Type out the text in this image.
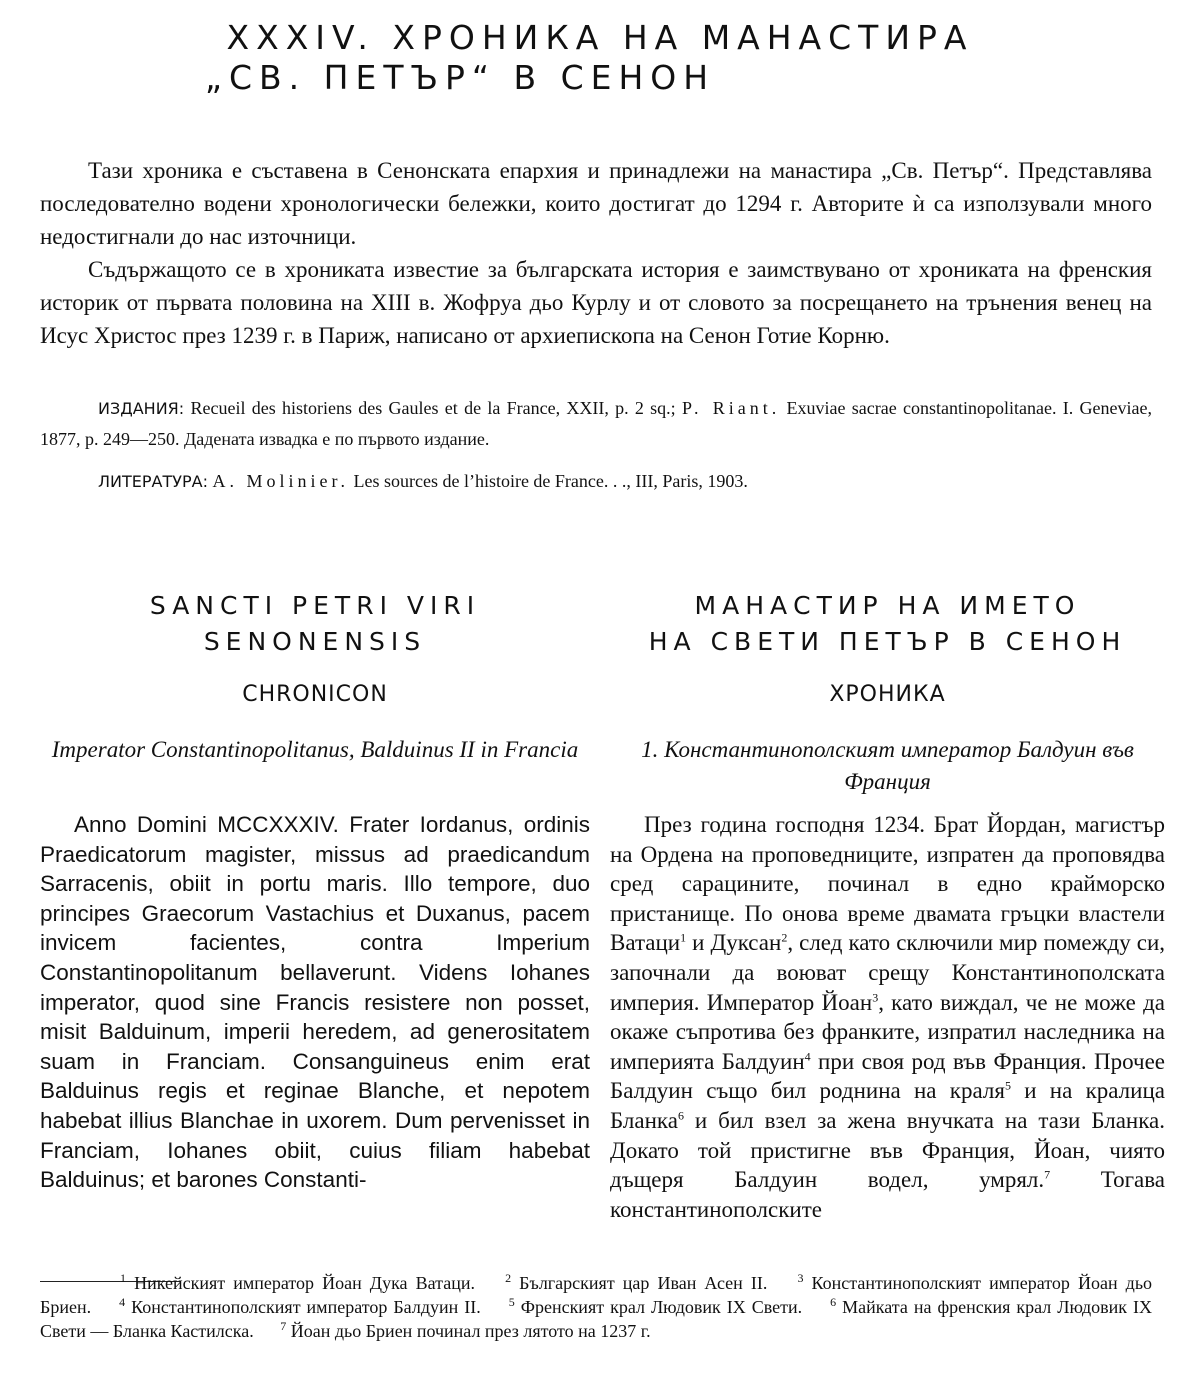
XXXIV. ХРОНИКА НА МАНАСТИРА
„СВ. ПЕТЪР“ В СЕНОН

Тази хроника е съставена в Сенонската епархия и принадлежи на манастира „Св. Петър“. Представлява последователно водени хронологически бележки, които достигат до 1294 г. Авторите ѝ са използували много недостигнали до нас източници.

Съдържащото се в хрониката известие за българската история е заимствувано от хрониката на френския историк от първата половина на XIII в. Жофруа дьо Курлу и от словото за посрещането на трънения венец на Исус Христос през 1239 г. в Париж, написано от архиепископа на Сенон Готие Корню.

ИЗДАНИЯ: Recueil des historiens des Gaules et de la France, XXII, p. 2 sq.; P. Riant. Exuviae sacrae constantinopolitanae. I. Geneviae, 1877, p. 249—250. Дадената извадка е по първото издание.

ЛИТЕРАТУРА: A. Molinier. Les sources de l’histoire de France. . ., III, Paris, 1903.

SANCTI PETRI VIRI
SENONENSIS
CHRONICON
Imperator Constantinopolitanus, Balduinus II in Francia

Anno Domini MCCXXXIV. Frater Iordanus, ordinis Praedicatorum magister, missus ad praedicandum Sarracenis, obiit in portu maris. Illo tempore, duo principes Graecorum Vastachius et Duxanus, pacem invicem facientes, contra Imperium Constantinopolitanum bellaverunt. Videns Iohanes imperator, quod sine Francis resistere non posset, misit Balduinum, imperii heredem, ad generositatem suam in Franciam. Consanguineus enim erat Balduinus regis et reginae Blanche, et nepotem habebat illius Blanchae in uxorem. Dum pervenisset in Franciam, Iohanes obiit, cuius filiam habebat Balduinus; et barones Constanti-

МАНАСТИР НА ИМЕТО
НА СВЕТИ ПЕТЪР В СЕНОН
ХРОНИКА
1. Константинополският император Балдуин във Франция

През година господня 1234. Брат Йордан, магистър на Ордена на проповедниците, изпратен да проповядва сред сарацините, починал в едно крайморско пристанище. По онова време двамата гръцки властели Ватаци$^1$ и Дуксан$^2$, след като сключили мир помежду си, започнали да воюват срещу Константинополската империя. Император Йоан$^3$, като виждал, че не може да окаже съпротива без франките, изпратил наследника на империята Балдуин$^4$ при своя род във Франция. Прочее Балдуин също бил роднина на краля$^5$ и на кралица Бланка$^6$ и бил взел за жена внучката на тази Бланка. Докато той пристигне във Франция, Йоан, чиято дъщеря Балдуин водел, умрял.$^7$ Тогава константинополските

$^1$ Никейският император Йоан Дука Ватаци.	$^2$ Българският цар Иван Асен II.	$^3$ Константинополският император Йоан дьо Бриен. $^4$ Константинополският император Балдуин II. $^5$ Френският крал Людовик IX Свети. $^6$ Майката на френския крал Людовик IX Свети — Бланка Кастилска. $^7$ Йоан дьо Бриен починал през лятото на 1237 г.
